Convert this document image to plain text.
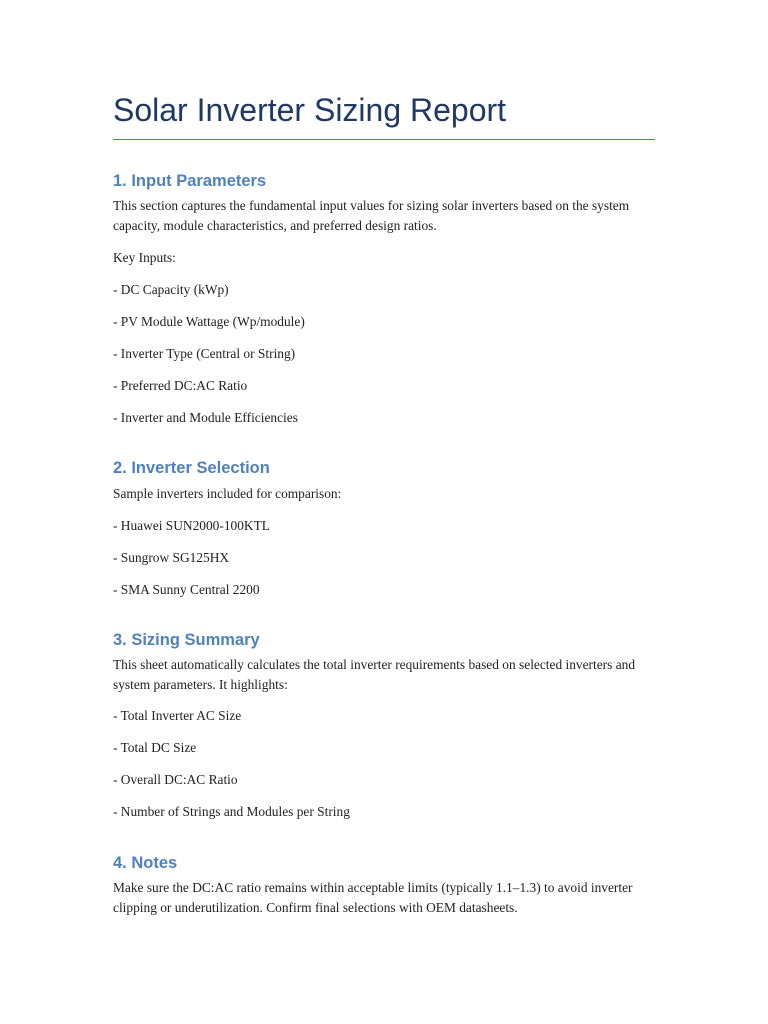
Solar Inverter Sizing Report
1. Input Parameters
This section captures the fundamental input values for sizing solar inverters based on the system capacity, module characteristics, and preferred design ratios.
Key Inputs:
- DC Capacity (kWp)
- PV Module Wattage (Wp/module)
- Inverter Type (Central or String)
- Preferred DC:AC Ratio
- Inverter and Module Efficiencies
2. Inverter Selection
Sample inverters included for comparison:
- Huawei SUN2000-100KTL
- Sungrow SG125HX
- SMA Sunny Central 2200
3. Sizing Summary
This sheet automatically calculates the total inverter requirements based on selected inverters and system parameters. It highlights:
- Total Inverter AC Size
- Total DC Size
- Overall DC:AC Ratio
- Number of Strings and Modules per String
4. Notes
Make sure the DC:AC ratio remains within acceptable limits (typically 1.1–1.3) to avoid inverter clipping or underutilization. Confirm final selections with OEM datasheets.
